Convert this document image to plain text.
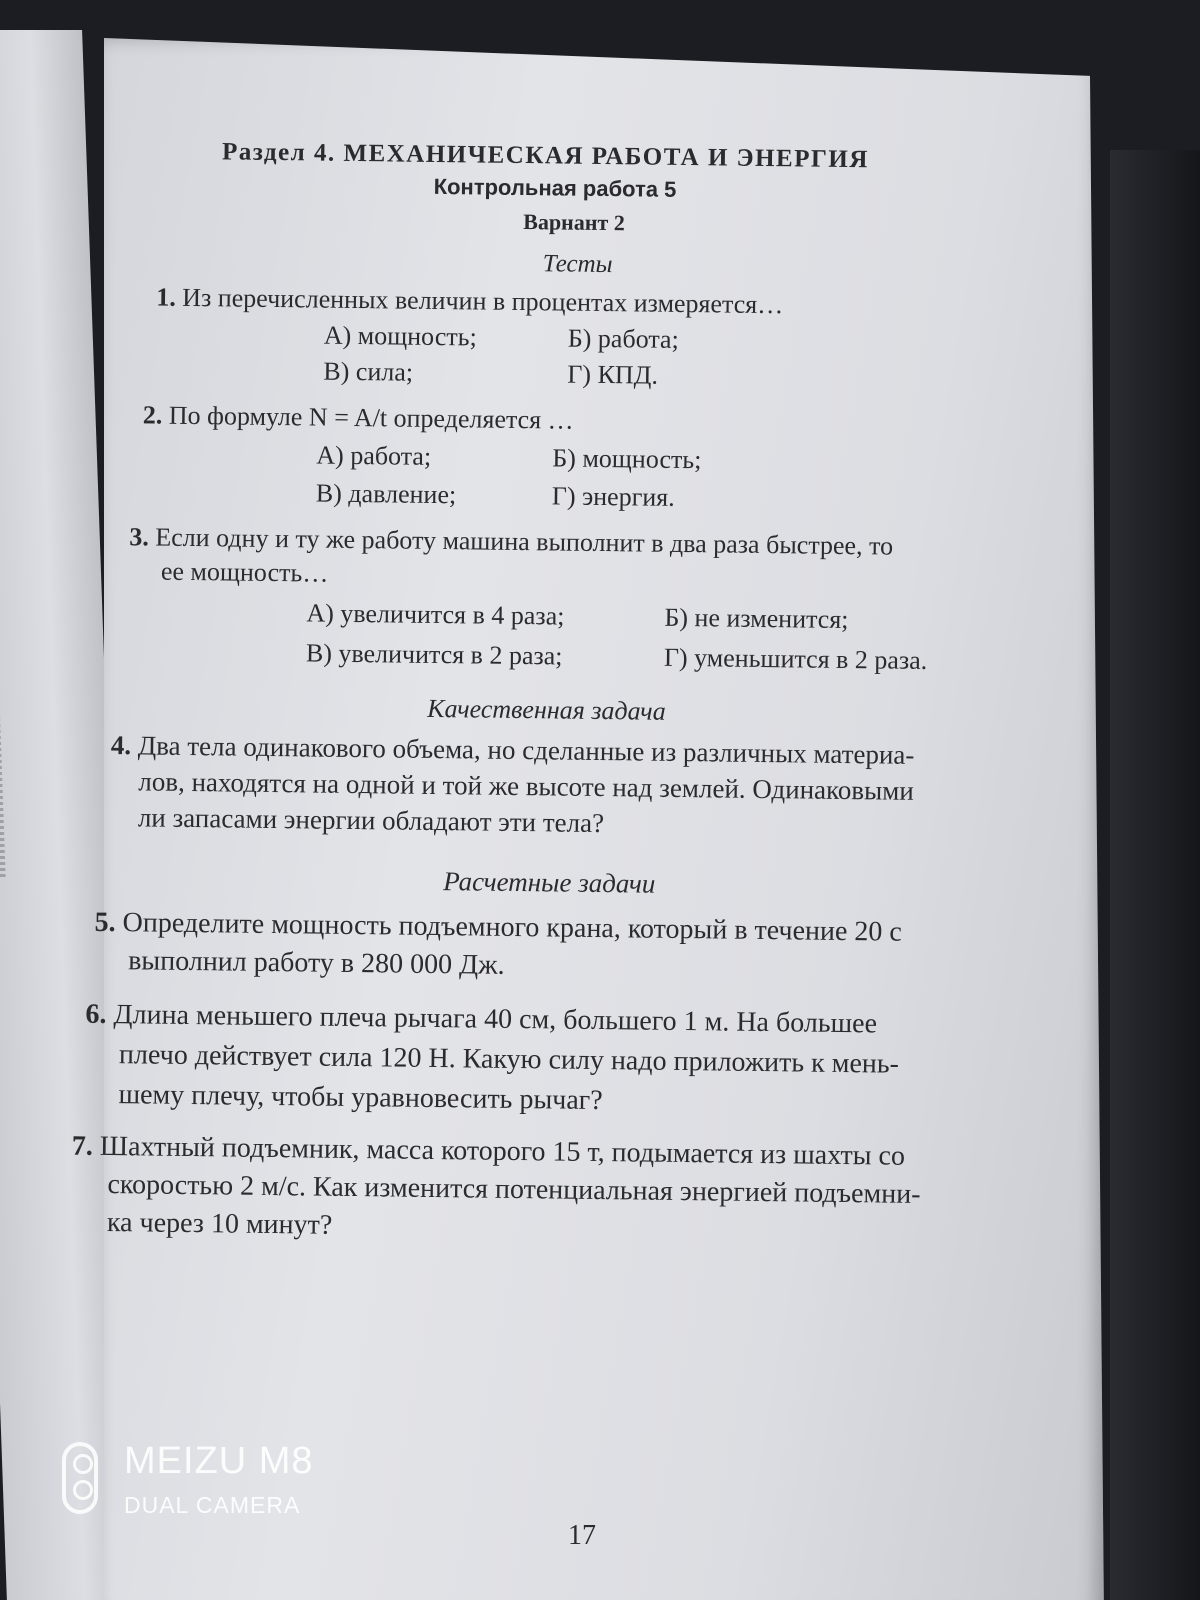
Раздел 4. МЕХАНИЧЕСКАЯ РАБОТА И ЭНЕРГИЯ
Контрольная работа 5
Варнант 2
Тесты
1. Из перечисленных величин в процентах измеряется…
А) мощность;	Б) работа;
В) сила;	Г) КПД.
2. По формуле N = A/t определяется …
А) работа;	Б) мощность;
В) давление;	Г) энергия.
3. Если одну и ту же работу машина выполнит в два раза быстрее, то
ее мощность…
А) увеличится в 4 раза;	Б) не изменится;
В) увеличится в 2 раза;	Г) уменьшится в 2 раза.
Качественная задача
4. Два тела одинакового объема, но сделанные из различных материа-
лов, находятся на одной и той же высоте над землей. Одинаковыми
ли запасами энергии обладают эти тела?
Расчетные задачи
5. Определите мощность подъемного крана, который в течение 20 с
выполнил работу в 280 000 Дж.
6. Длина меньшего плеча рычага 40 см, большего 1 м. На большее
плечо действует сила 120 Н. Какую силу надо приложить к мень-
шему плечу, чтобы уравновесить рычаг?
7. Шахтный подъемник, масса которого 15 т, подымается из шахты со
скоростью 2 м/с. Как изменится потенциальная энергией подъемни-
ка через 10 минут?
17
MEIZU M8
DUAL CAMERA
